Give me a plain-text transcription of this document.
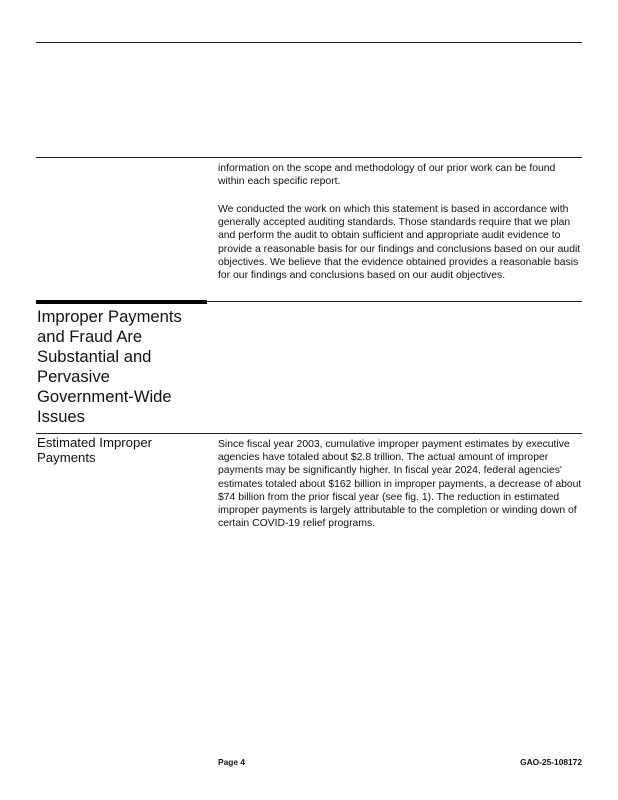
information on the scope and methodology of our prior work can be found within each specific report.

We conducted the work on which this statement is based in accordance with generally accepted auditing standards. Those standards require that we plan and perform the audit to obtain sufficient and appropriate audit evidence to provide a reasonable basis for our findings and conclusions based on our audit objectives. We believe that the evidence obtained provides a reasonable basis for our findings and conclusions based on our audit objectives.

Improper Payments and Fraud Are Substantial and Pervasive Government-Wide Issues
Estimated Improper Payments

Since fiscal year 2003, cumulative improper payment estimates by executive agencies have totaled about $2.8 trillion. The actual amount of improper payments may be significantly higher. In fiscal year 2024, federal agencies' estimates totaled about $162 billion in improper payments, a decrease of about $74 billion from the prior fiscal year (see fig. 1). The reduction in estimated improper payments is largely attributable to the completion or winding down of certain COVID-19 relief programs.

Page 4	GAO-25-108172
